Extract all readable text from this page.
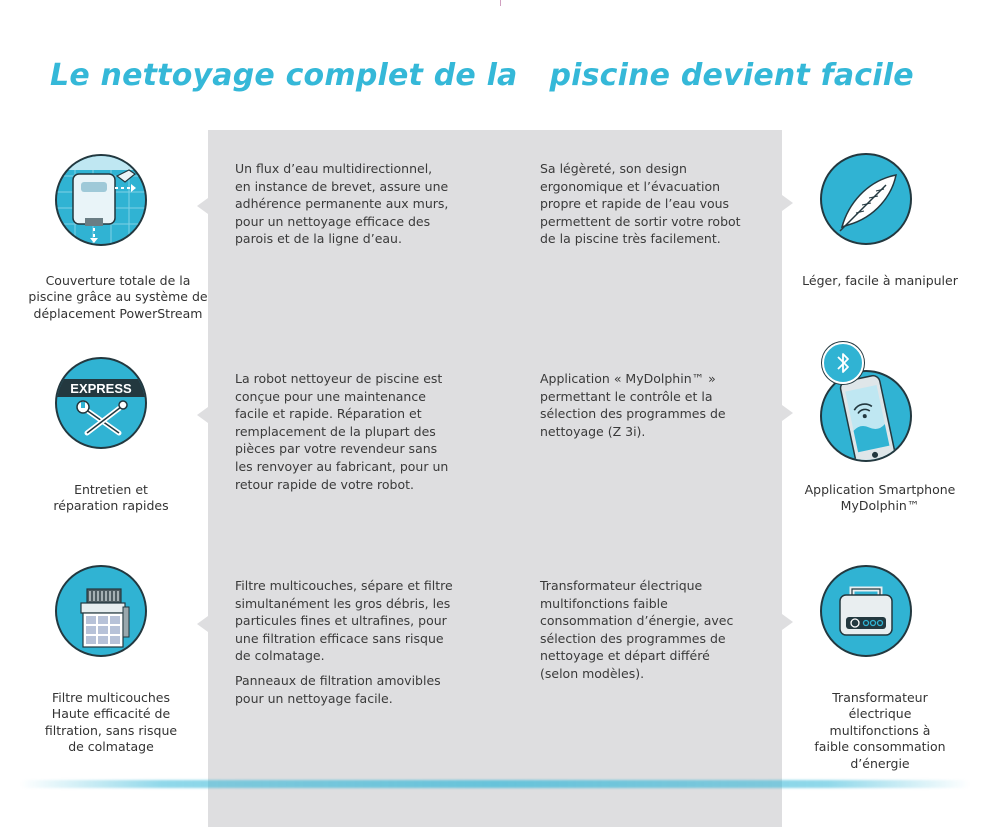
Le nettoyage complet de la   piscine devient facile
EXPRESS
Couverture totale de la
piscine grâce au système de
déplacement PowerStream
Entretien et
réparation rapides
Filtre multicouches
Haute efficacité de
filtration, sans risque
de colmatage

Un flux d’eau multidirectionnel,
en instance de brevet, assure une
adhérence permanente aux murs,
pour un nettoyage efficace des
parois et de la ligne d’eau.

La robot nettoyeur de piscine est
conçue pour une maintenance
facile et rapide. Réparation et
remplacement de la plupart des
pièces par votre revendeur sans
les renvoyer au fabricant, pour un
retour rapide de votre robot.

Filtre multicouches, sépare et filtre
simultanément les gros débris, les
particules fines et ultrafines, pour
une filtration efficace sans risque
de colmatage.

Panneaux de filtration amovibles
pour un nettoyage facile.

Sa légèreté, son design
ergonomique et l’évacuation
propre et rapide de l’eau vous
permettent de sortir votre robot
de la piscine très facilement.

Application « MyDolphin™ »
permettant le contrôle et la
sélection des programmes de
nettoyage (Z 3i).

Transformateur électrique
multifonctions faible
consommation d’énergie, avec
sélection des programmes de
nettoyage et départ différé
(selon modèles).

Léger, facile à manipuler
Application Smartphone
MyDolphin™
Transformateur
électrique
multifonctions à
faible consommation
d’énergie
